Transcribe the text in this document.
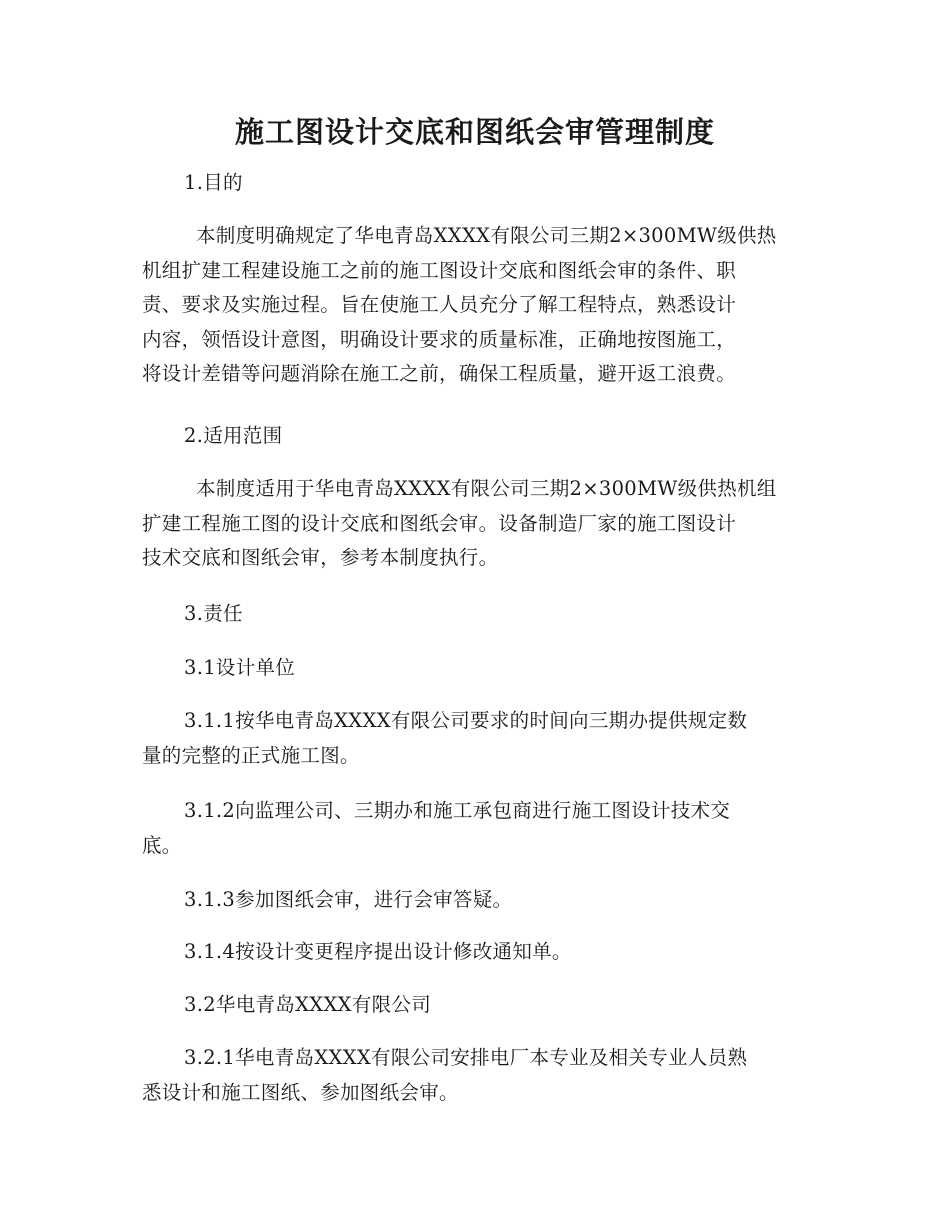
施工图设计交底和图纸会审管理制度

1.目的

本制度明确规定了华电青岛XXXX有限公司三期2×300MW级供热
机组扩建工程建设施工之前的施工图设计交底和图纸会审的条件、职
责、要求及实施过程。旨在使施工人员充分了解工程特点，熟悉设计
内容，领悟设计意图，明确设计要求的质量标准，正确地按图施工，
将设计差错等问题消除在施工之前，确保工程质量，避开返工浪费。

2.适用范围

本制度适用于华电青岛XXXX有限公司三期2×300MW级供热机组
扩建工程施工图的设计交底和图纸会审。设备制造厂家的施工图设计
技术交底和图纸会审，参考本制度执行。

3.责任

3.1设计单位

3.1.1按华电青岛XXXX有限公司要求的时间向三期办提供规定数
量的完整的正式施工图。

3.1.2向监理公司、三期办和施工承包商进行施工图设计技术交
底。

3.1.3参加图纸会审，进行会审答疑。

3.1.4按设计变更程序提出设计修改通知单。

3.2华电青岛XXXX有限公司

3.2.1华电青岛XXXX有限公司安排电厂本专业及相关专业人员熟
悉设计和施工图纸、参加图纸会审。
